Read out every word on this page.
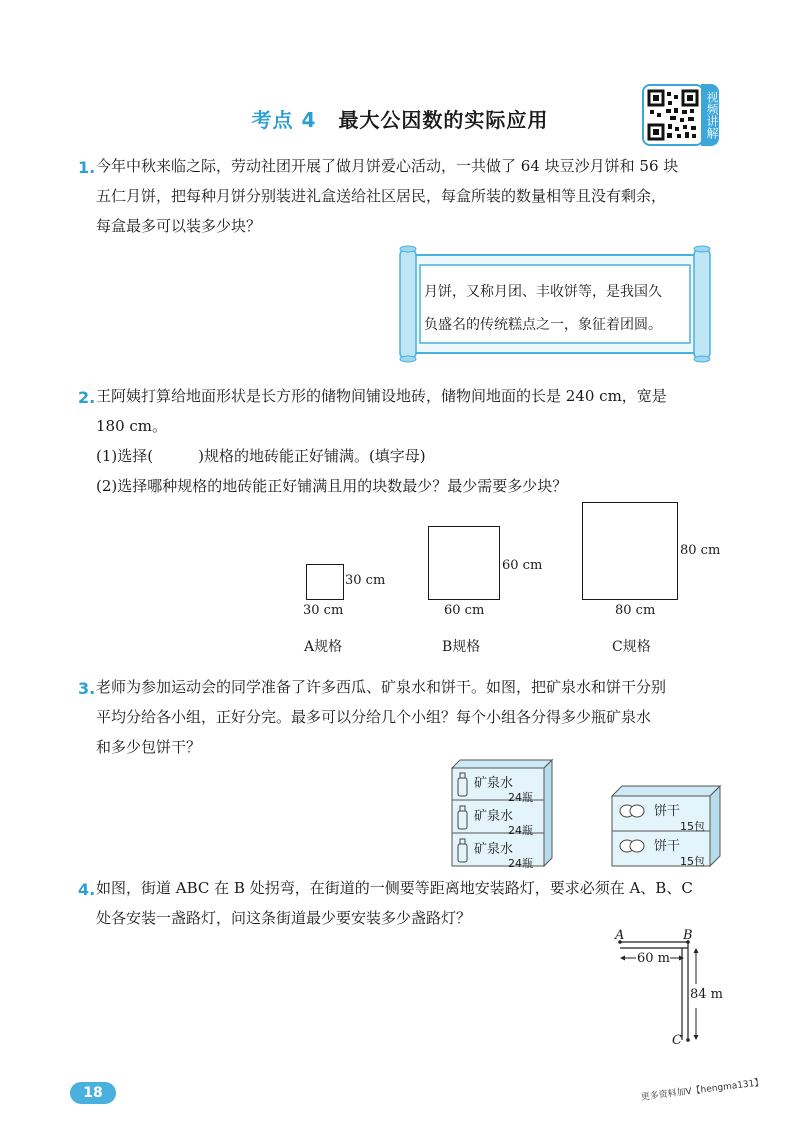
考点 4 最大公因数的实际应用	视频讲解
1. 今年中秋来临之际，劳动社团开展了做月饼爱心活动，一共做了 64 块豆沙月饼和 56 块
五仁月饼，把每种月饼分别装进礼盒送给社区居民，每盒所装的数量相等且没有剩余，
每盒最多可以装多少块？
月饼，又称月团、丰收饼等，是我国久
负盛名的传统糕点之一，象征着团圆。
2. 王阿姨打算给地面形状是长方形的储物间铺设地砖，储物间地面的长是 240 cm，宽是
180 cm。
(1)选择(　　　)规格的地砖能正好铺满。(填字母)
(2)选择哪种规格的地砖能正好铺满且用的块数最少？最少需要多少块？
30 cm
30 cm
A规格
60 cm
60 cm
B规格
80 cm
80 cm
C规格
3. 老师为参加运动会的同学准备了许多西瓜、矿泉水和饼干。如图，把矿泉水和饼干分别
平均分给各小组，正好分完。最多可以分给几个小组？每个小组各分得多少瓶矿泉水
和多少包饼干？
矿泉水
24瓶
矿泉水
24瓶
矿泉水
24瓶
饼干
15包
饼干
15包
4. 如图，街道 ABC 在 B 处拐弯，在街道的一侧要等距离地安装路灯，要求必须在 A、B、C
处各安装一盏路灯，问这条街道最少要安装多少盏路灯？
A	B
C
60 m
84 m
18	更多资料加V【hengma131】
